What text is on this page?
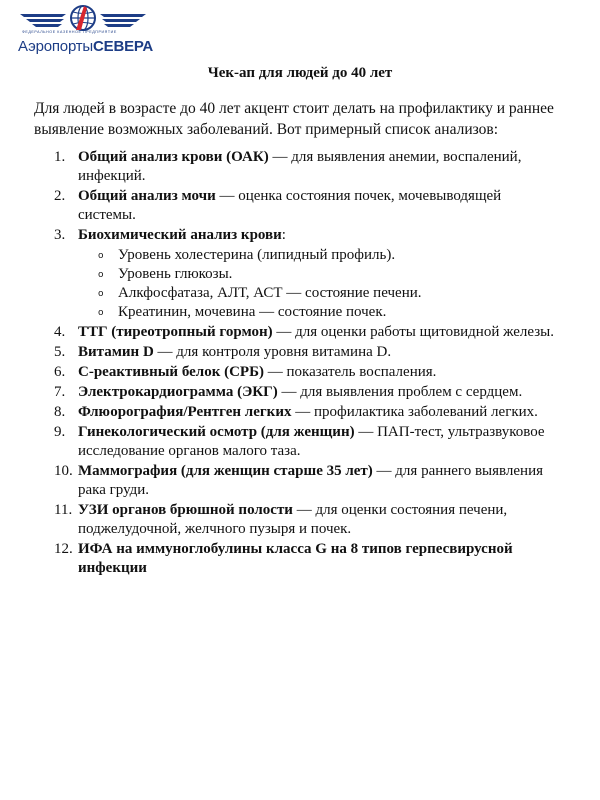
ФЕДЕРАЛЬНОЕ КАЗЕННОЕ ПРЕДПРИЯТИЕ
АэропортыСЕВЕРА
Чек-ап для людей до 40 лет

Для людей в возрасте до 40 лет акцент стоит делать на профилактику и раннее выявление возможных заболеваний. Вот примерный список анализов:

1. Общий анализ крови (ОАК) — для выявления анемии, воспалений, инфекций.
2. Общий анализ мочи — оценка состояния почек, мочевыводящей системы.
3. Биохимический анализ крови:
o Уровень холестерина (липидный профиль).
o Уровень глюкозы.
o Алкфосфатаза, АЛТ, АСТ — состояние печени.
o Креатинин, мочевина — состояние почек.
4. ТТГ (тиреотропный гормон) — для оценки работы щитовидной железы.
5. Витамин D — для контроля уровня витамина D.
6. С-реактивный белок (СРБ) — показатель воспаления.
7. Электрокардиограмма (ЭКГ) — для выявления проблем с сердцем.
8. Флюорография/Рентген легких — профилактика заболеваний легких.
9. Гинекологический осмотр (для женщин) — ПАП-тест, ультразвуковое исследование органов малого таза.
10. Маммография (для женщин старше 35 лет) — для раннего выявления рака груди.
11. УЗИ органов брюшной полости — для оценки состояния печени, поджелудочной, желчного пузыря и почек.
12. ИФА на иммуноглобулины класса G на 8 типов герпесвирусной инфекции
